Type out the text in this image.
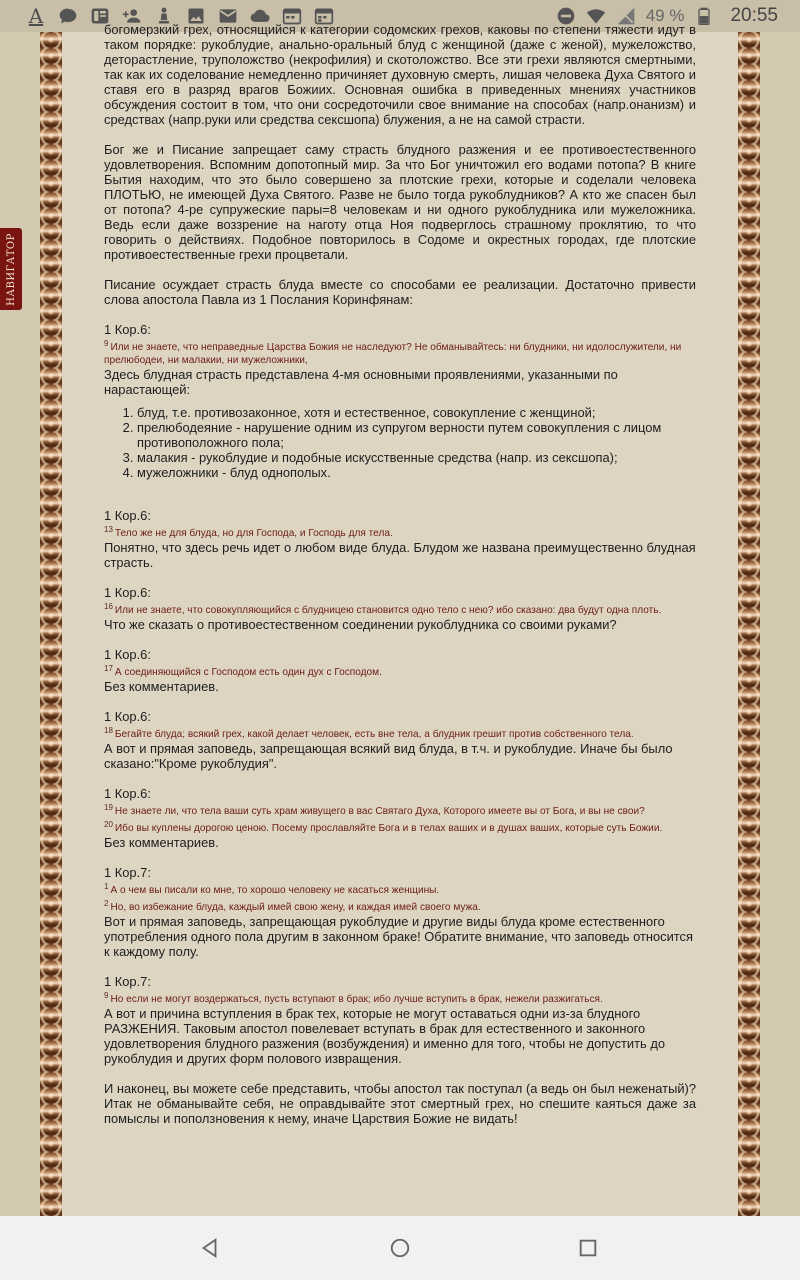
A	49 % 20:55
НАВИГАТОР

богомерзкий грех, относящийся к категории содомских грехов, каковы по степени тяжести идут в таком порядке: рукоблудие, анально-оральный блуд с женщиной (даже с женой), мужеложство, деторастление, труположство (некрофилия) и скотоложство. Все эти грехи являются смертными, так как их соделование немедленно причиняет духовную смерть, лишая человека Духа Святого и ставя его в разряд врагов Божиих. Основная ошибка в приведенных мнениях участников обсуждения состоит в том, что они сосредоточили свое внимание на способах (напр.онанизм) и средствах (напр.руки или средства сексшопа) блужения, а не на самой страсти.

Бог же и Писание запрещает саму страсть блудного разжения и ее противоестественного удовлетворения. Вспомним допотопный мир. За что Бог уничтожил его водами потопа? В книге Бытия находим, что это было совершено за плотские грехи, которые и соделали человека ПЛОТЬЮ, не имеющей Духа Святого. Разве не было тогда рукоблудников? А кто же спасен был от потопа? 4-ре супружеские пары=8 человекам и ни одного рукоблудника или мужеложника. Ведь если даже воззрение на наготу отца Ноя подверглось страшному проклятию, то что говорить о действиях. Подобное повторилось в Содоме и окрестных городах, где плотские противоестественные грехи процветали.

Писание осуждает страсть блуда вместе со способами ее реализации. Достаточно привести слова апостола Павла из 1 Послания Коринфянам:

1 Кор.6:
$^9$ Или не знаете, что неправедные Царства Божия не наследуют? Не обманывайтесь: ни блудники, ни идолослужители, ни прелюбодеи, ни малакии, ни мужеложники,
Здесь блудная страсть представлена 4-мя основными проявлениями, указанными по нарастающей:
1. блуд, т.е. противозаконное, хотя и естественное, совокупление с женщиной;
2. прелюбодеяние - нарушение одним из супругом верности путем совокупления с лицом противоположного пола;
3. малакия - рукоблудие и подобные искусственные средства (напр. из сексшопа);
4. мужеложники - блуд однополых.
1 Кор.6:
$^{13}$ Тело же не для блуда, но для Господа, и Господь для тела.
Понятно, что здесь речь идет о любом виде блуда. Блудом же названа преимущественно блудная страсть.
1 Кор.6:
$^{16}$ Или не знаете, что совокупляющийся с блудницею становится одно тело с нею? ибо сказано: два будут одна плоть.
Что же сказать о противоестественном соединении рукоблудника со своими руками?
1 Кор.6:
$^{17}$ А соединяющийся с Господом есть один дух с Господом.
Без комментариев.
1 Кор.6:
$^{18}$ Бегайте блуда; всякий грех, какой делает человек, есть вне тела, а блудник грешит против собственного тела.
А вот и прямая заповедь, запрещающая всякий вид блуда, в т.ч. и рукоблудие. Иначе бы было сказано:"Кроме рукоблудия".
1 Кор.6:
$^{19}$ Не знаете ли, что тела ваши суть храм живущего в вас Святаго Духа, Которого имеете вы от Бога, и вы не свои?
$^{20}$ Ибо вы куплены дорогою ценою. Посему прославляйте Бога и в телах ваших и в душах ваших, которые суть Божии.
Без комментариев.
1 Кор.7:
$^1$ А о чем вы писали ко мне, то хорошо человеку не касаться женщины.
$^2$ Но, во избежание блуда, каждый имей свою жену, и каждая имей своего мужа.
Вот и прямая заповедь, запрещающая рукоблудие и другие виды блуда кроме естественного употребления одного пола другим в законном браке! Обратите внимание, что заповедь относится к каждому полу.
1 Кор.7:
$^9$ Но если не могут воздержаться, пусть вступают в брак; ибо лучше вступить в брак, нежели разжигаться.
А вот и причина вступления в брак тех, которые не могут оставаться одни из-за блудного РАЗЖЕНИЯ. Таковым апостол повелевает вступать в брак для естественного и законного удовлетворения блудного разжения (возбуждения) и именно для того, чтобы не допустить до рукоблудия и других форм полового извращения.

И наконец, вы можете себе представить, чтобы апостол так поступал (а ведь он был неженатый)? Итак не обманывайте себя, не оправдывайте этот смертный грех, но спешите каяться даже за помыслы и поползновения к нему, иначе Царствия Божие не видать!
